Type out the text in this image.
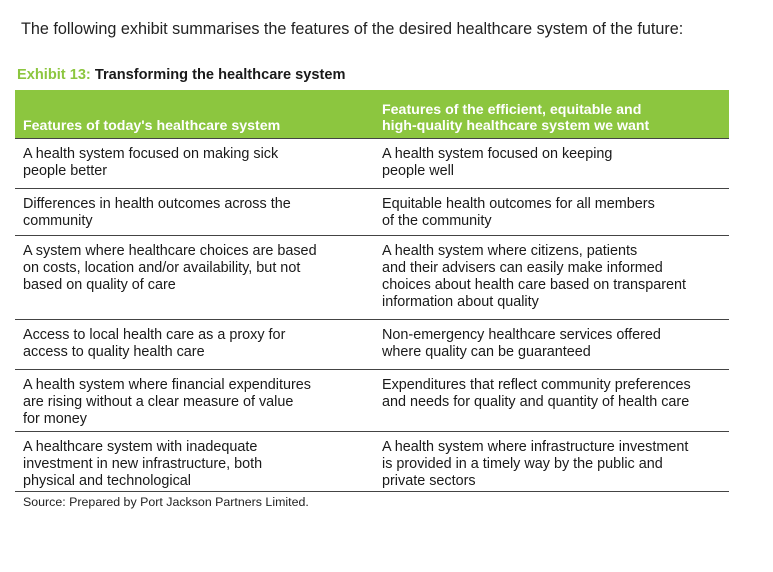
The following exhibit summarises the features of the desired healthcare system of the future:
Exhibit 13: Transforming the healthcare system
Features of today's healthcare system
Features of the efficient, equitable and
high-quality healthcare system we want
A health system focused on making sick
people better
A health system focused on keeping
people well
Differences in health outcomes across the
community
Equitable health outcomes for all members
of the community
A system where healthcare choices are based
on costs, location and/or availability, but not
based on quality of care
A health system where citizens, patients
and their advisers can easily make informed
choices about health care based on transparent
information about quality
Access to local health care as a proxy for
access to quality health care
Non-emergency healthcare services offered
where quality can be guaranteed
A health system where financial expenditures
are rising without a clear measure of value
for money
Expenditures that reflect community preferences
and needs for quality and quantity of health care
A healthcare system with inadequate
investment in new infrastructure, both
physical and technological
A health system where infrastructure investment
is provided in a timely way by the public and
private sectors
Source: Prepared by Port Jackson Partners Limited.
